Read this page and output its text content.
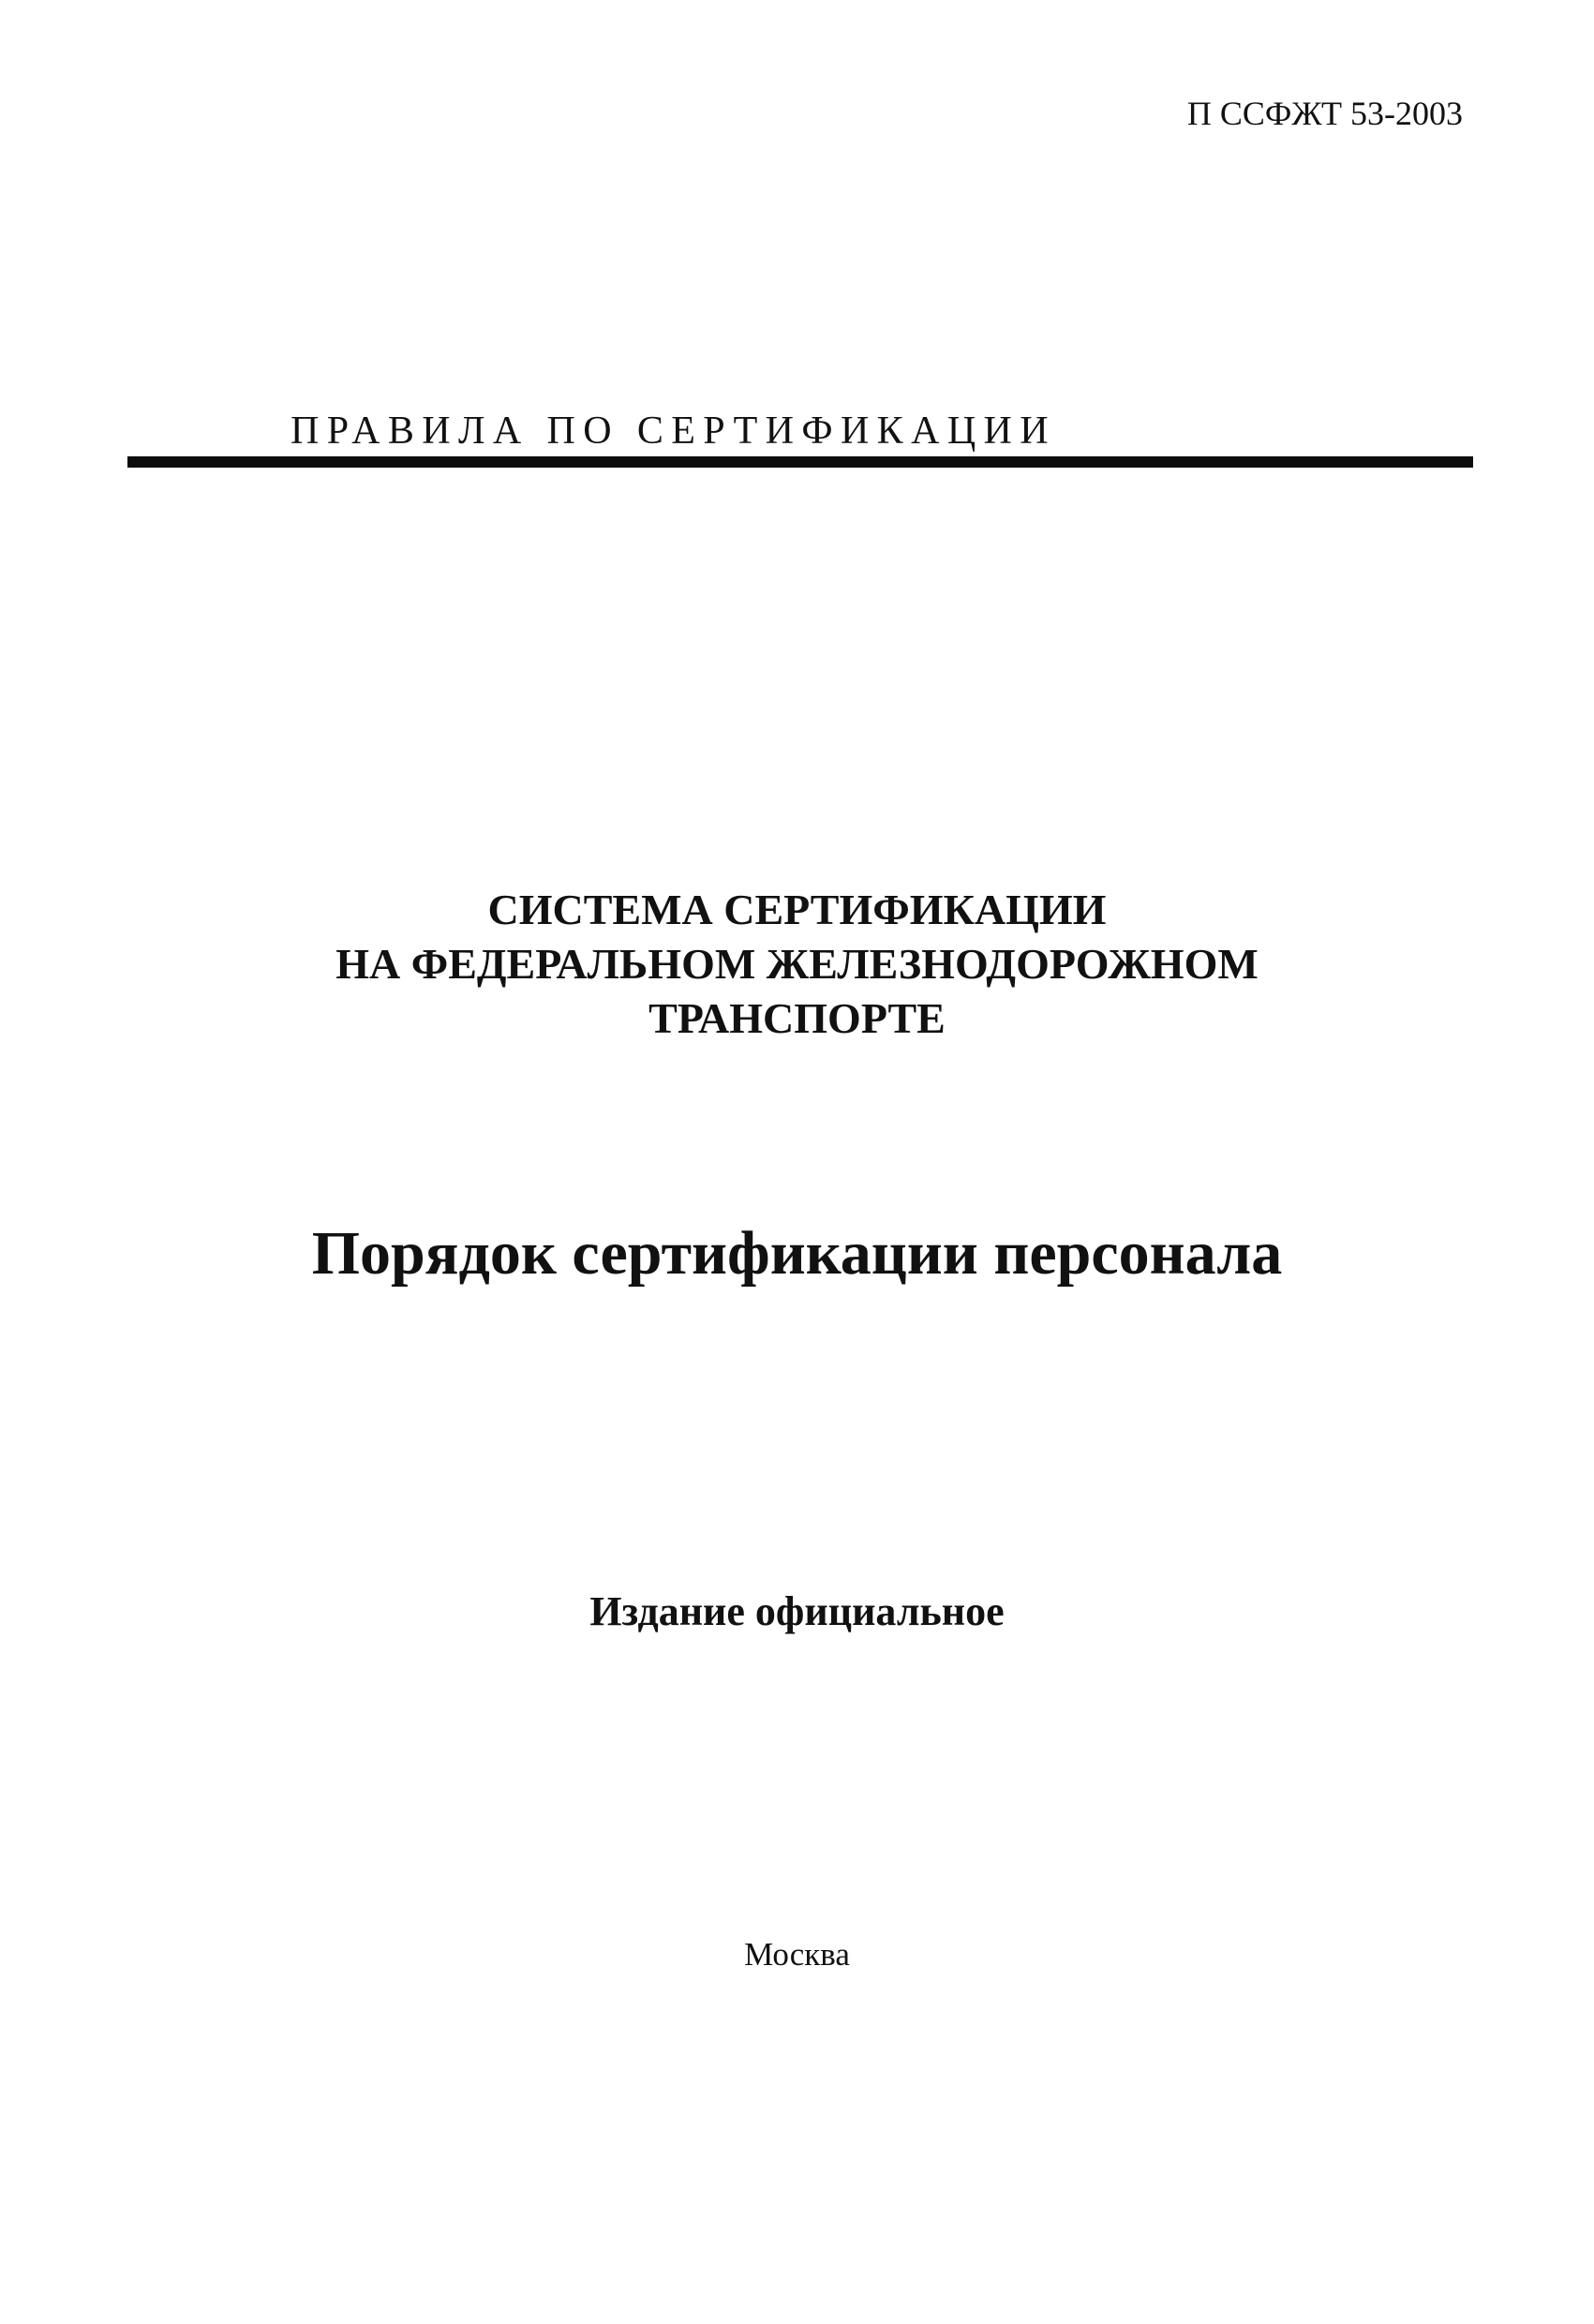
П ССФЖТ 53-2003
ПРАВИЛА ПО СЕРТИФИКАЦИИ
СИСТЕМА СЕРТИФИКАЦИИ
НА ФЕДЕРАЛЬНОМ ЖЕЛЕЗНОДОРОЖНОМ
ТРАНСПОРТЕ
Порядок сертификации персонала
Издание официальное
Москва
